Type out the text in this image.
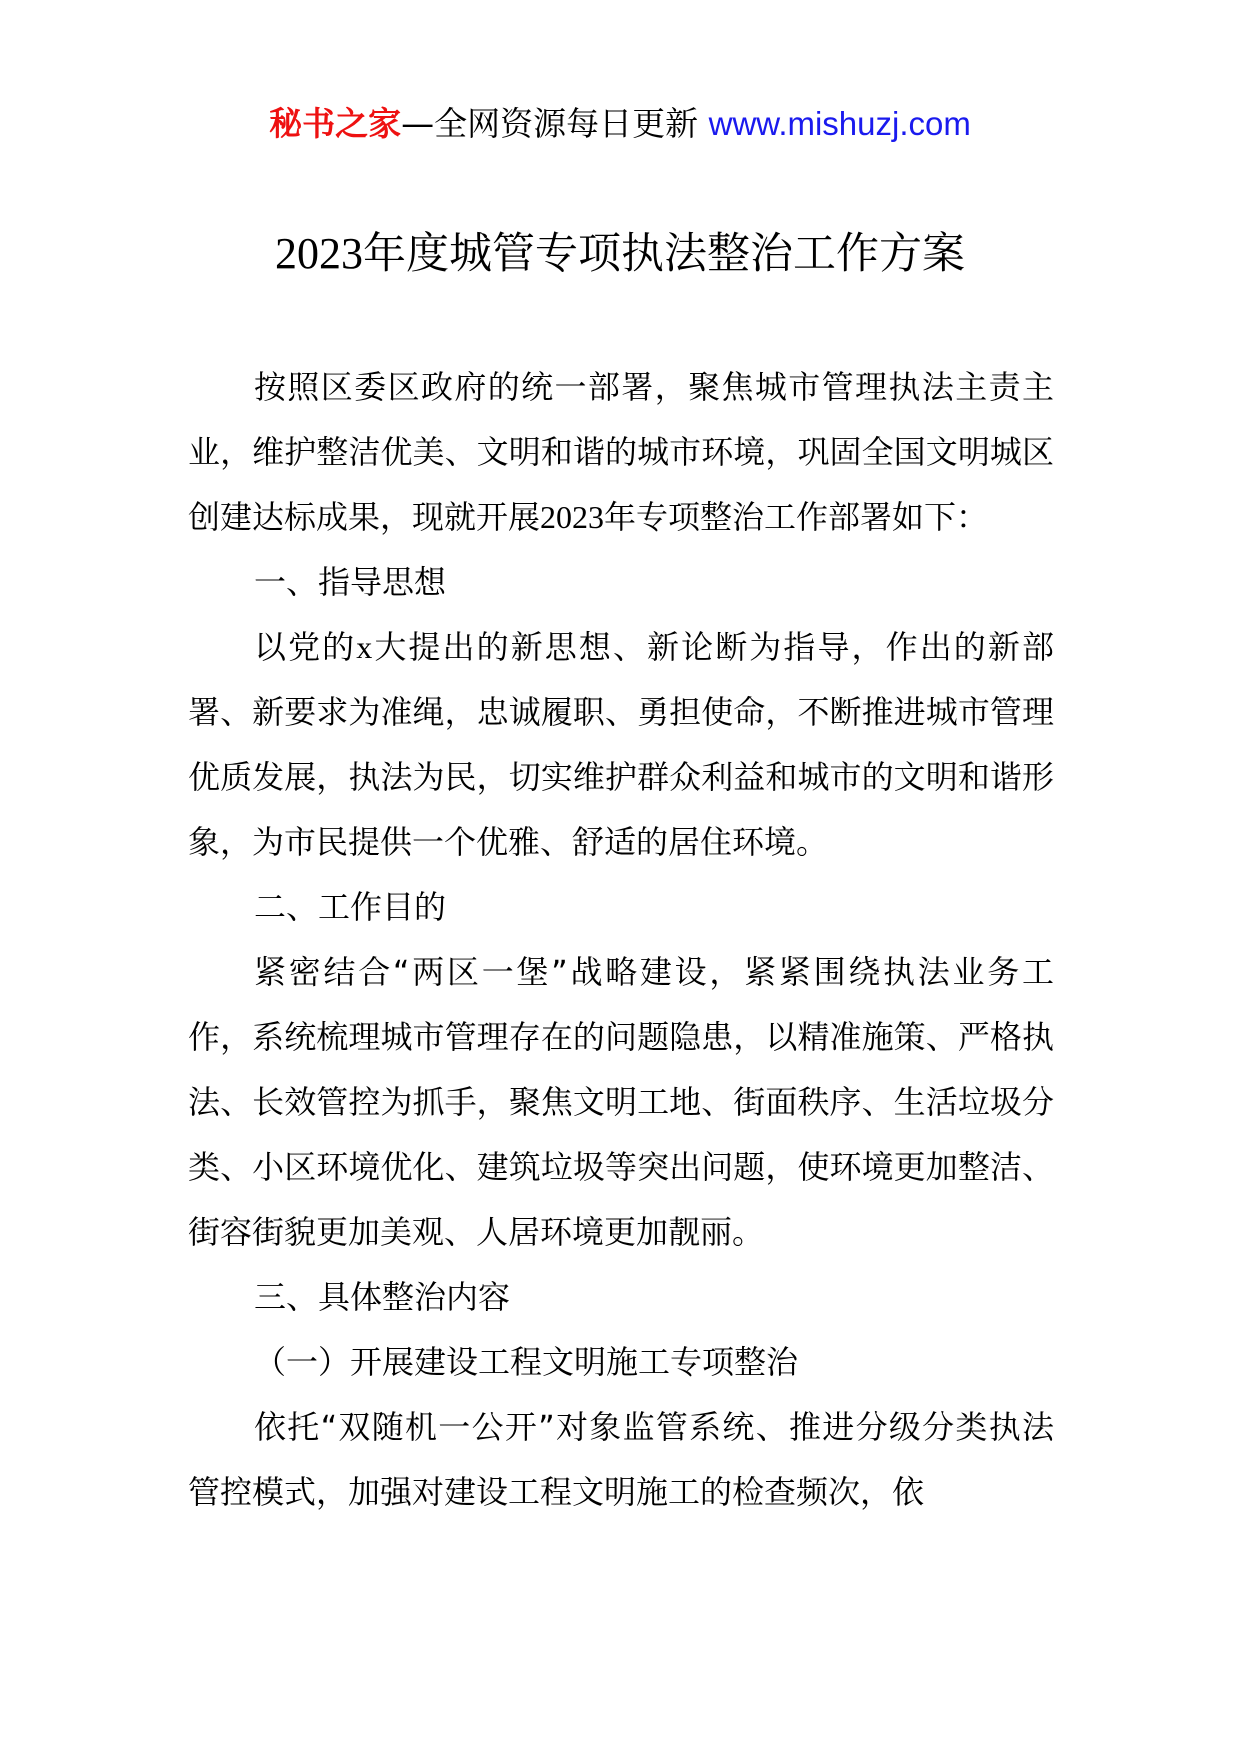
秘书之家—全网资源每日更新 www.mishuzj.com
2023年度城管专项执法整治工作方案

按照区委区政府的统一部署，聚焦城市管理执法主责主业，维护整洁优美、文明和谐的城市环境，巩固全国文明城区创建达标成果，现就开展2023年专项整治工作部署如下：

一、指导思想

以党的x大提出的新思想、新论断为指导，作出的新部署、新要求为准绳，忠诚履职、勇担使命，不断推进城市管理优质发展，执法为民，切实维护群众利益和城市的文明和谐形象，为市民提供一个优雅、舒适的居住环境。

二、工作目的

紧密结合“两区一堡”战略建设，紧紧围绕执法业务工作，系统梳理城市管理存在的问题隐患，以精准施策、严格执法、长效管控为抓手，聚焦文明工地、街面秩序、生活垃圾分类、小区环境优化、建筑垃圾等突出问题，使环境更加整洁、街容街貌更加美观、人居环境更加靓丽。

三、具体整治内容

（一）开展建设工程文明施工专项整治

依托“双随机一公开”对象监管系统、推进分级分类执法管控模式，加强对建设工程文明施工的检查频次，依
